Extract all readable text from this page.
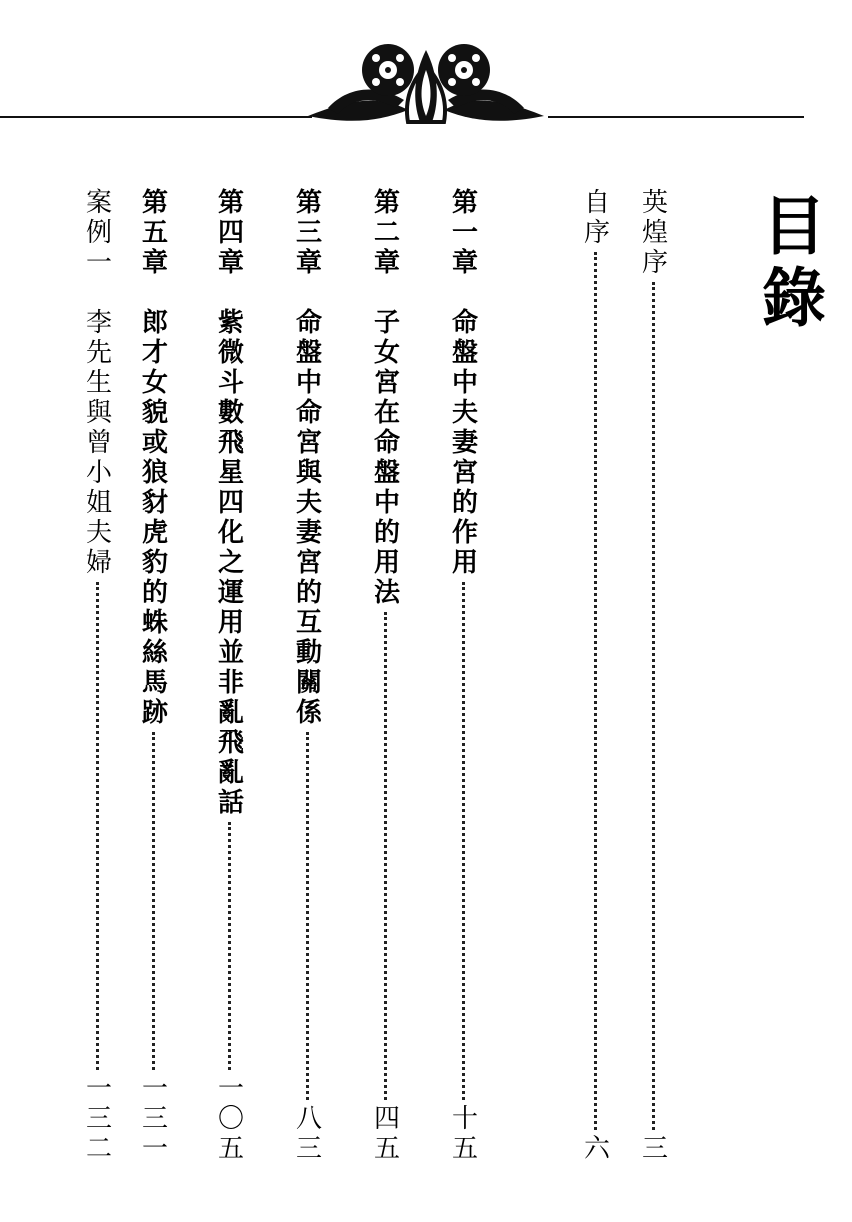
目錄
英煌序
三
自序
六
第一章
命盤中夫妻宮的作用
十五
第二章
子女宮在命盤中的用法
四五
第三章
命盤中命宮與夫妻宮的互動關係
八三
第四章
紫微斗數飛星四化之運用並非亂飛亂話
一〇五
第五章
郎才女貌或狼豺虎豹的蛛絲馬跡
一三一
案例一
李先生與曾小姐夫婦
一三二
